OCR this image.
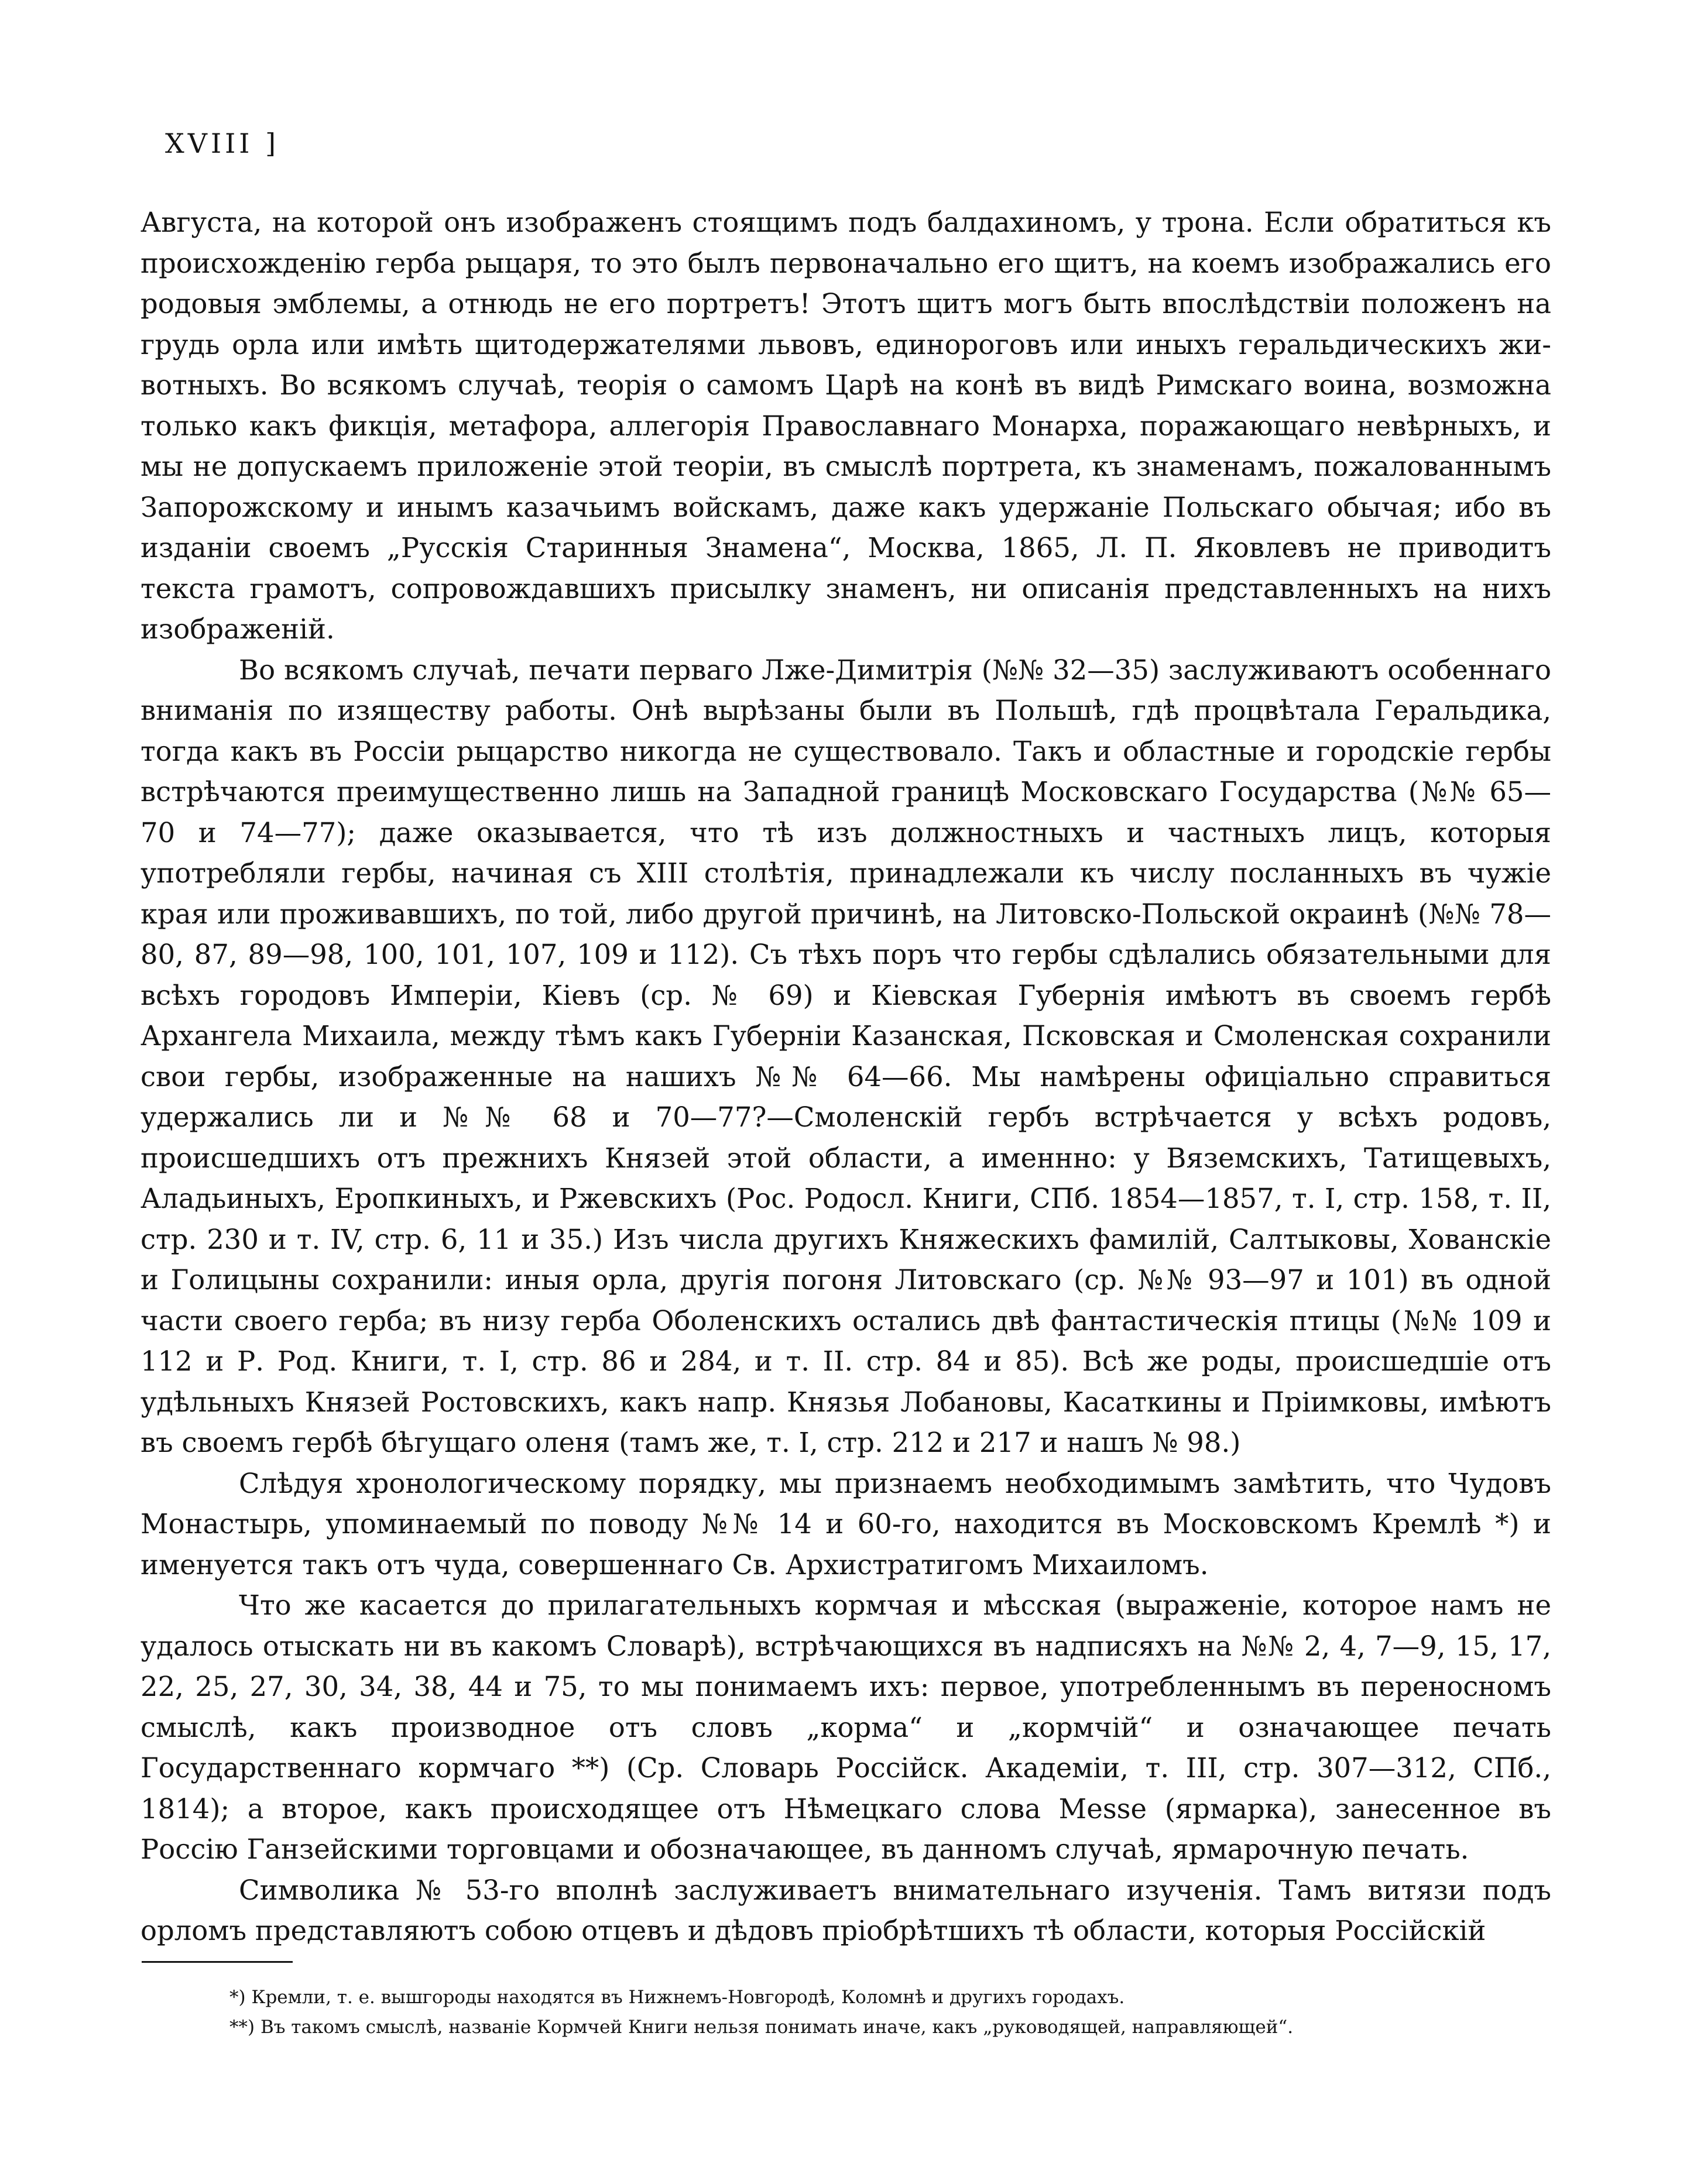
XVIII ]

Августа, на которой онъ изображенъ стоящимъ подъ балдахиномъ, у трона. Если обратиться къ происхожденію герба рыцаря, то это былъ первоначально его щитъ, на коемъ изображались его родовыя эмблемы, а отнюдь не его портретъ! Этотъ щитъ могъ быть впослѣдствіи положенъ на грудь орла или имѣть щитодержателями львовъ, единороговъ или иныхъ геральдическихъ животныхъ. Во всякомъ случаѣ, теорія о самомъ Царѣ на конѣ въ видѣ Римскаго воина, возможна только какъ фикція, метафора, аллегорія Православнаго Монарха, поражающаго невѣрныхъ, и мы не допускаемъ приложеніе этой теоріи, въ смыслѣ портрета, къ знаменамъ, пожалованнымъ Запорожскому и инымъ казачьимъ войскамъ, даже какъ удержаніе Польскаго обычая; ибо въ изданіи своемъ „Русскія Старинныя Знамена“, Москва, 1865, Л. П. Яковлевъ не приводитъ текста грамотъ, сопровождавшихъ присылку знаменъ, ни описанія представленныхъ на нихъ изображеній.

Во всякомъ случаѣ, печати перваго Лже-Димитрія (№№ 32—35) заслуживаютъ особеннаго вниманія по изяществу работы. Онѣ вырѣзаны были въ Польшѣ, гдѣ процвѣтала Геральдика, тогда какъ въ Россіи рыцарство никогда не существовало. Такъ и областные и городскіе гербы встрѣчаются преимущественно лишь на Западной границѣ Московскаго Государства (№№ 65—70 и 74—77); даже оказывается, что тѣ изъ должностныхъ и частныхъ лицъ, которыя употребляли гербы, начиная съ XIII столѣтія, принадлежали къ числу посланныхъ въ чужіе края или проживавшихъ, по той, либо другой причинѣ, на Литовско-Польской окраинѣ (№№ 78—80, 87, 89—98, 100, 101, 107, 109 и 112). Съ тѣхъ поръ что гербы сдѣлались обязательными для всѣхъ городовъ Имперіи, Кіевъ (ср. № 69) и Кіевская Губернія имѣютъ въ своемъ гербѣ Архангела Михаила, между тѣмъ какъ Губерніи Казанская, Псковская и Смоленская сохранили свои гербы, изображенные на нашихъ №№ 64—66. Мы намѣрены офиціально справиться удержались ли и №№ 68 и 70—77?—Смоленскій гербъ встрѣчается у всѣхъ родовъ, происшедшихъ отъ прежнихъ Князей этой области, а именнно: у Вяземскихъ, Татищевыхъ, Аладьиныхъ, Еропкиныхъ, и Ржевскихъ (Рос. Родосл. Книги, СПб. 1854—1857, т. I, стр. 158, т. II, стр. 230 и т. IV, стр. 6, 11 и 35.) Изъ числа другихъ Княжескихъ фамилій, Салтыковы, Хованскіе и Голицыны сохранили: иныя орла, другія погоня Литовскаго (ср. №№ 93—97 и 101) въ одной части своего герба; въ низу герба Оболенскихъ остались двѣ фантастическія птицы (№№ 109 и 112 и Р. Род. Книги, т. I, стр. 86 и 284, и т. II. стр. 84 и 85). Всѣ же роды, происшедшіе отъ удѣльныхъ Князей Ростовскихъ, какъ напр. Князья Лобановы, Касаткины и Пріимковы, имѣютъ въ своемъ гербѣ бѣгущаго оленя (тамъ же, т. I, стр. 212 и 217 и нашъ № 98.)

Слѣдуя хронологическому порядку, мы признаемъ необходимымъ замѣтить, что Чудовъ Монастырь, упоминаемый по поводу №№ 14 и 60-го, находится въ Московскомъ Кремлѣ *) и именуется такъ отъ чуда, совершеннаго Св. Архистратигомъ Михаиломъ.

Что же касается до прилагательныхъ кормчая и мѣсская (выраженіе, которое намъ не удалось отыскать ни въ какомъ Словарѣ), встрѣчающихся въ надписяхъ на №№ 2, 4, 7—9, 15, 17, 22, 25, 27, 30, 34, 38, 44 и 75, то мы понимаемъ ихъ: первое, употребленнымъ въ переносномъ смыслѣ, какъ производное отъ словъ „корма“ и „кормчій“ и означающее печать Государственнаго кормчаго **) (Ср. Словарь Россійск. Академіи, т. III, стр. 307—312, СПб., 1814); а второе, какъ происходящее отъ Нѣмецкаго слова Messe (ярмарка), занесенное въ Россію Ганзейскими торговцами и обозначающее, въ данномъ случаѣ, ярмарочную печать.

Символика № 53-го вполнѣ заслуживаетъ внимательнаго изученія. Тамъ витязи подъ орломъ представляютъ собою отцевъ и дѣдовъ пріобрѣтшихъ тѣ области, которыя Россійскій

*) Кремли, т. е. вышгороды находятся въ Нижнемъ-Новгородѣ, Коломнѣ и другихъ городахъ.

**) Въ такомъ смыслѣ, названіе Кормчей Книги нельзя понимать иначе, какъ „руководящей, направляющей“.
